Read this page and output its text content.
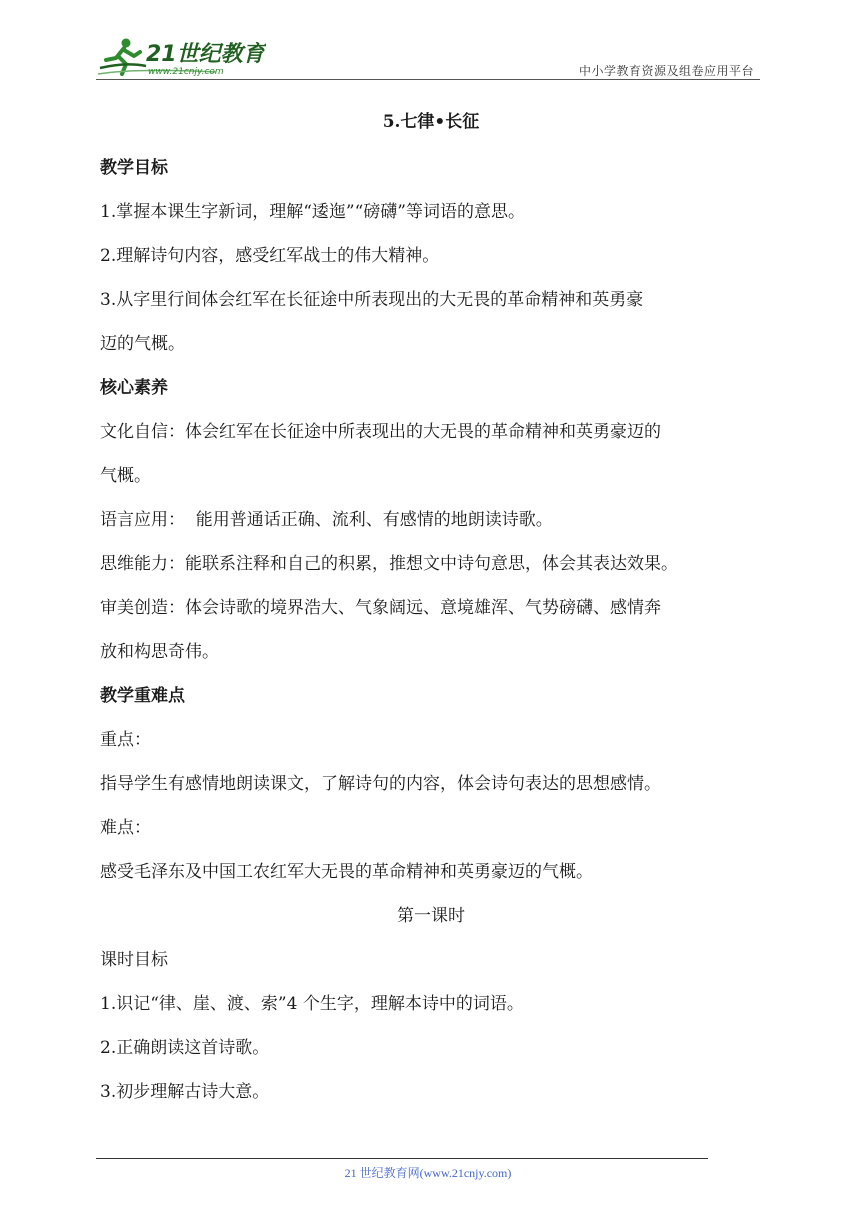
21世纪教育
www.21cnjy.com	中小学教育资源及组卷应用平台
5.七律•长征
教学目标
1.掌握本课生字新词，理解“逶迤”“磅礴”等词语的意思。
2.理解诗句内容，感受红军战士的伟大精神。
3.从字里行间体会红军在长征途中所表现出的大无畏的革命精神和英勇豪
迈的气概。
核心素养
文化自信：体会红军在长征途中所表现出的大无畏的革命精神和英勇豪迈的
气概。
语言应用：  能用普通话正确、流利、有感情的地朗读诗歌。
思维能力：能联系注释和自己的积累，推想文中诗句意思，体会其表达效果。
审美创造：体会诗歌的境界浩大、气象阔远、意境雄浑、气势磅礴、感情奔
放和构思奇伟。
教学重难点
重点：
指导学生有感情地朗读课文，了解诗句的内容，体会诗句表达的思想感情。
难点：
感受毛泽东及中国工农红军大无畏的革命精神和英勇豪迈的气概。
第一课时
课时目标
1.识记“律、崖、渡、索”4 个生字，理解本诗中的词语。
2.正确朗读这首诗歌。
3.初步理解古诗大意。
21 世纪教育网(www.21cnjy.com)
